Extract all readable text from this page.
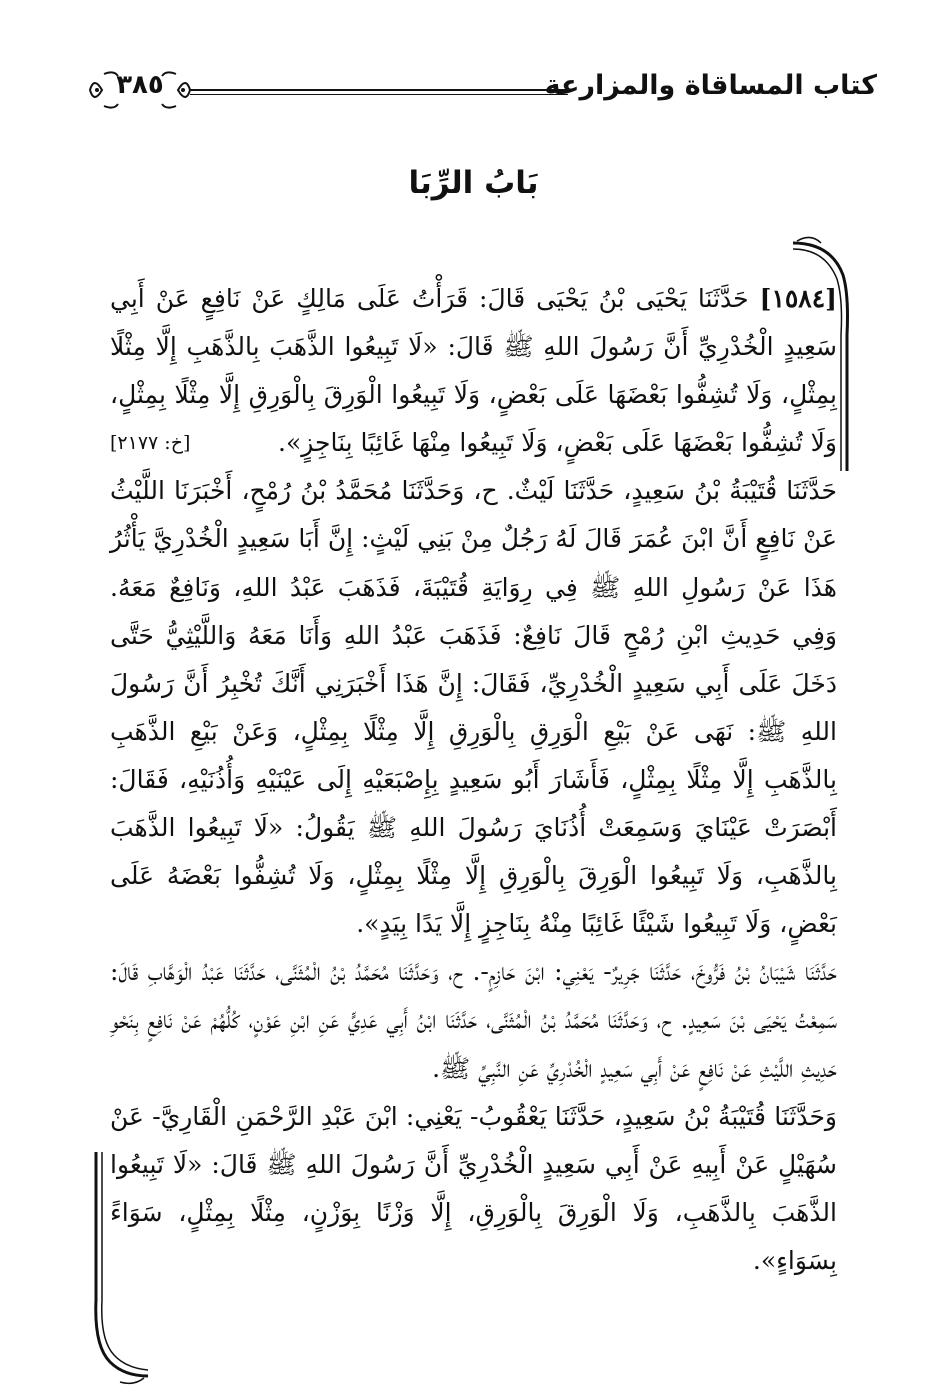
كتاب المساقاة والمزارعة
٣٨٥
بَابُ الرِّبَا

[١٥٨٤] حَدَّثَنَا يَحْيَى بْنُ يَحْيَى قَالَ: قَرَأْتُ عَلَى مَالِكٍ عَنْ نَافِعٍ عَنْ أَبِي سَعِيدٍ الْخُدْرِيِّ أَنَّ رَسُولَ اللهِ ﷺ قَالَ: «لَا تَبِيعُوا الذَّهَبَ بِالذَّهَبِ إِلَّا مِثْلًا بِمِثْلٍ، وَلَا تُشِفُّوا بَعْضَهَا عَلَى بَعْضٍ، وَلَا تَبِيعُوا الْوَرِقَ بِالْوَرِقِ إِلَّا مِثْلًا بِمِثْلٍ، وَلَا تُشِفُّوا بَعْضَهَا عَلَى بَعْضٍ، وَلَا تَبِيعُوا مِنْهَا غَائِبًا بِنَاجِزٍ».
[خ: ٢١٧٧]

حَدَّثَنَا قُتَيْبَةُ بْنُ سَعِيدٍ، حَدَّثَنَا لَيْثٌ. ح، وَحَدَّثَنَا مُحَمَّدُ بْنُ رُمْحٍ، أَخْبَرَنَا اللَّيْثُ عَنْ نَافِعٍ أَنَّ ابْنَ عُمَرَ قَالَ لَهُ رَجُلٌ مِنْ بَنِي لَيْثٍ: إِنَّ أَبَا سَعِيدٍ الْخُدْرِيَّ يَأْثُرُ هَذَا عَنْ رَسُولِ اللهِ ﷺ فِي رِوَايَةِ قُتَيْبَةَ، فَذَهَبَ عَبْدُ اللهِ، وَنَافِعٌ مَعَهُ. وَفِي حَدِيثِ ابْنِ رُمْحٍ قَالَ نَافِعٌ: فَذَهَبَ عَبْدُ اللهِ وَأَنَا مَعَهُ وَاللَّيْثِيُّ حَتَّى دَخَلَ عَلَى أَبِي سَعِيدٍ الْخُدْرِيِّ، فَقَالَ: إِنَّ هَذَا أَخْبَرَنِي أَنَّكَ تُخْبِرُ أَنَّ رَسُولَ اللهِ ﷺ: نَهَى عَنْ بَيْعِ الْوَرِقِ بِالْوَرِقِ إِلَّا مِثْلًا بِمِثْلٍ، وَعَنْ بَيْعِ الذَّهَبِ بِالذَّهَبِ إِلَّا مِثْلًا بِمِثْلٍ، فَأَشَارَ أَبُو سَعِيدٍ بِإِصْبَعَيْهِ إِلَى عَيْنَيْهِ وَأُذُنَيْهِ، فَقَالَ: أَبْصَرَتْ عَيْنَايَ وَسَمِعَتْ أُذُنَايَ رَسُولَ اللهِ ﷺ يَقُولُ: «لَا تَبِيعُوا الذَّهَبَ بِالذَّهَبِ، وَلَا تَبِيعُوا الْوَرِقَ بِالْوَرِقِ إِلَّا مِثْلًا بِمِثْلٍ، وَلَا تُشِفُّوا بَعْضَهُ عَلَى بَعْضٍ، وَلَا تَبِيعُوا شَيْئًا غَائِبًا مِنْهُ بِنَاجِزٍ إِلَّا يَدًا بِيَدٍ».

حَدَّثَنَا شَيْبَانُ بْنُ فَرُّوخَ، حَدَّثَنَا جَرِيرٌ- يَعْنِي: ابْنَ حَازِمٍ-. ح، وَحَدَّثَنَا مُحَمَّدُ بْنُ الْمُثَنَّى، حَدَّثَنَا عَبْدُ الْوَهَّابِ قَالَ: سَمِعْتُ يَحْيَى بْنَ سَعِيدٍ. ح، وَحَدَّثَنَا مُحَمَّدُ بْنُ الْمُثَنَّى، حَدَّثَنَا ابْنُ أَبِي عَدِيٍّ عَنِ ابْنِ عَوْنٍ، كُلُّهُمْ عَنْ نَافِعٍ بِنَحْوِ حَدِيثِ اللَّيْثِ عَنْ نَافِعٍ عَنْ أَبِي سَعِيدٍ الْخُدْرِيِّ عَنِ النَّبِيِّ ﷺ.

وَحَدَّثَنَا قُتَيْبَةُ بْنُ سَعِيدٍ، حَدَّثَنَا يَعْقُوبُ- يَعْنِي: ابْنَ عَبْدِ الرَّحْمَنِ الْقَارِيَّ- عَنْ سُهَيْلٍ عَنْ أَبِيهِ عَنْ أَبِي سَعِيدٍ الْخُدْرِيِّ أَنَّ رَسُولَ اللهِ ﷺ قَالَ: «لَا تَبِيعُوا الذَّهَبَ بِالذَّهَبِ، وَلَا الْوَرِقَ بِالْوَرِقِ، إِلَّا وَزْنًا بِوَزْنٍ، مِثْلًا بِمِثْلٍ، سَوَاءً بِسَوَاءٍ».
